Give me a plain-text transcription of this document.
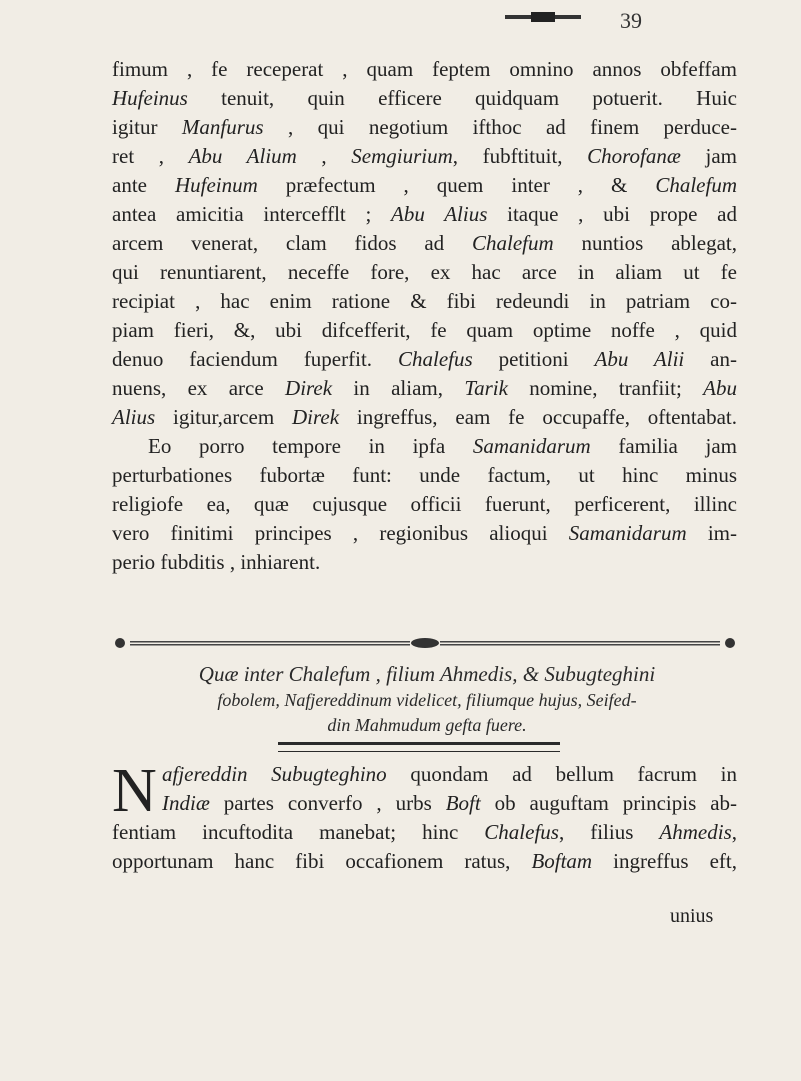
39
fimum , fe receperat , quam feptem omnino annos obfeffam
Hufeinus tenuit, quin efficere quidquam potuerit. Huic
igitur Manfurus , qui negotium ifthoc ad finem perduce-
ret , Abu Alium , Semgiurium, fubftituit, Chorofanæ jam
ante Hufeinum præfectum , quem inter , & Chalefum
antea amicitia intercefflt ; Abu Alius itaque , ubi prope ad
arcem venerat, clam fidos ad Chalefum nuntios ablegat,
qui renuntiarent, neceffe fore, ex hac arce in aliam ut fe
recipiat , hac enim ratione & fibi redeundi in patriam co-
piam fieri, &, ubi difcefferit, fe quam optime noffe , quid
denuo faciendum fuperfit. Chalefus petitioni Abu Alii an-
nuens, ex arce Direk in aliam, Tarik nomine, tranfiit; Abu
Alius igitur,arcem Direk ingreffus, eam fe occupaffe, oftentabat.
Eo porro tempore in ipfa Samanidarum familia jam
perturbationes fubortæ funt: unde factum, ut hinc minus
religiofe ea, quæ cujusque officii fuerunt, perficerent, illinc
vero finitimi principes , regionibus alioqui Samanidarum im-
perio fubditis , inhiarent.
Quæ inter Chalefum , filium Ahmedis, & Subugteghini
fobolem, Nafjereddinum videlicet, filiumque hujus, Seifed-
din Mahmudum gefta fuere.
N afjereddin Subugteghino quondam ad bellum facrum in
Indiæ partes converfo , urbs Boft ob auguftam principis ab-
fentiam incuftodita manebat; hinc Chalefus, filius Ahmedis,
opportunam hanc fibi occafionem ratus, Boftam ingreffus eft,
unius
